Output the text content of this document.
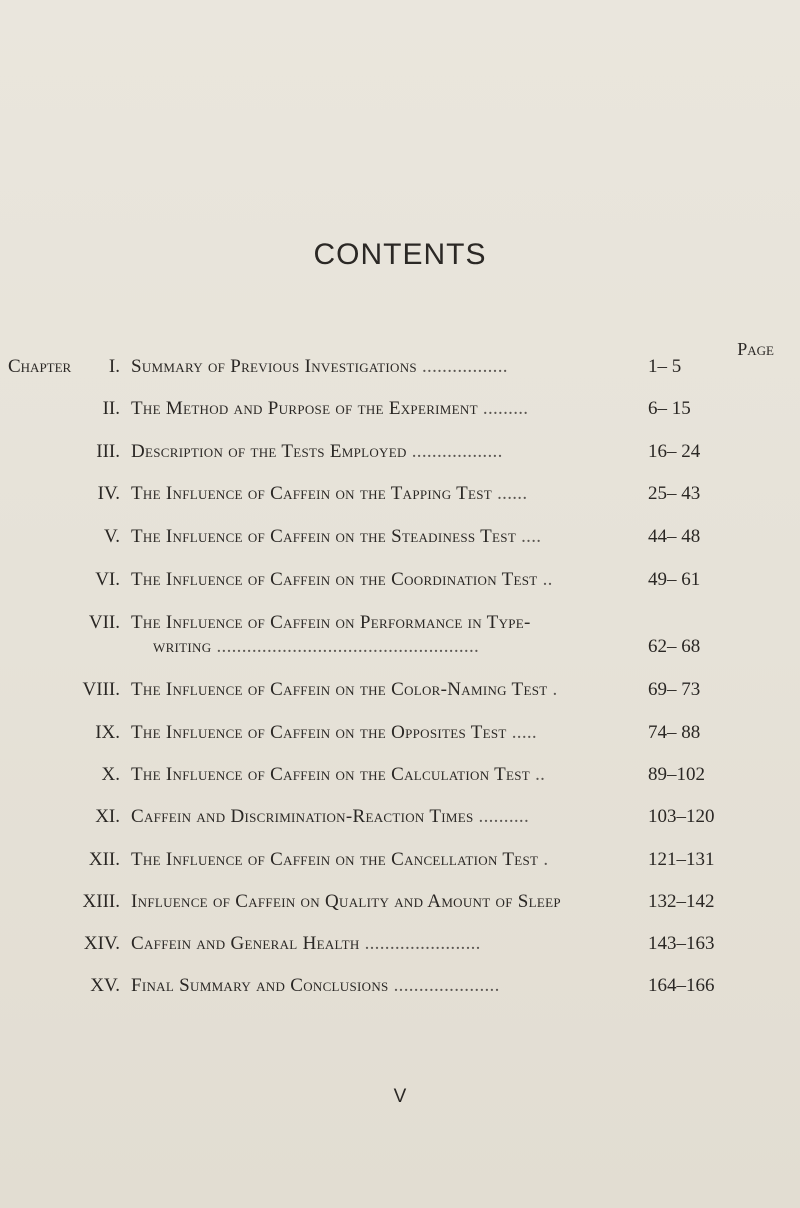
CONTENTS
Page
Chapter	I. Summary of Previous Investigations .................	1– 5
II. The Method and Purpose of the Experiment .........	6– 15
III. Description of the Tests Employed ..................	16– 24
IV. The Influence of Caffein on the Tapping Test ......	25– 43
V. The Influence of Caffein on the Steadiness Test ....	44– 48
VI. The Influence of Caffein on the Coordination Test ..	49– 61
VII. The Influence of Caffein on Performance in Type-
writing ....................................................	62– 68
VIII. The Influence of Caffein on the Color-Naming Test .	69– 73
IX. The Influence of Caffein on the Opposites Test .....	74– 88
X. The Influence of Caffein on the Calculation Test ..	89–102
XI. Caffein and Discrimination-Reaction Times ..........	103–120
XII. The Influence of Caffein on the Cancellation Test .	121–131
XIII. Influence of Caffein on Quality and Amount of Sleep	132–142
XIV. Caffein and General Health .......................	143–163
XV. Final Summary and Conclusions .....................	164–166
V
